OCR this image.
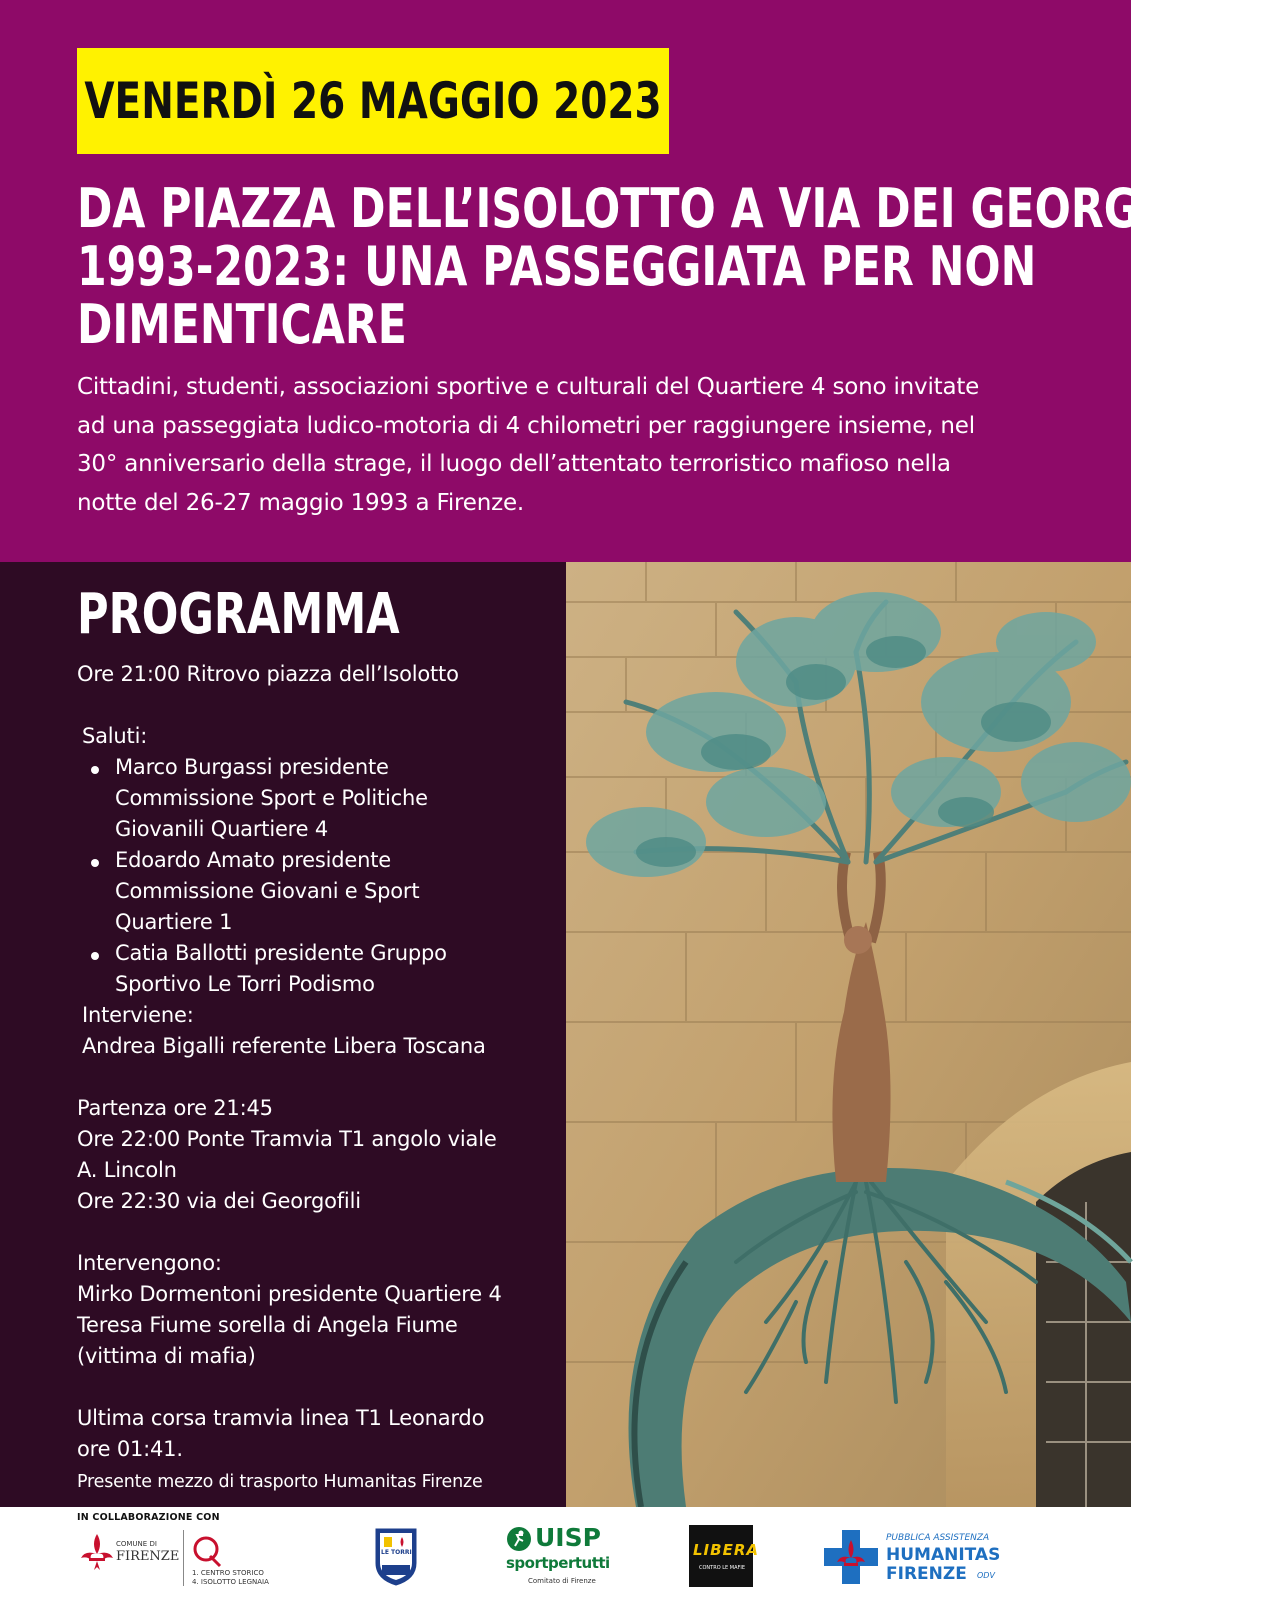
VENERDÌ 26 MAGGIO 2023
DA PIAZZA DELL’ISOLOTTO A VIA DEI GEORGOFILI.
1993-2023: UNA PASSEGGIATA PER NON
DIMENTICARE
Cittadini, studenti, associazioni sportive e culturali del Quartiere 4 sono invitate
ad una passeggiata ludico-motoria di 4 chilometri per raggiungere insieme, nel
30° anniversario della strage, il luogo dell’attentato terroristico mafioso nella
notte del 26-27 maggio 1993 a Firenze.
PROGRAMMA
Ore 21:00 Ritrovo piazza dell’Isolotto
Saluti:
Marco Burgassi presidente
Commissione Sport e Politiche
Giovanili Quartiere 4
Edoardo Amato presidente
Commissione Giovani e Sport
Quartiere 1
Catia Ballotti presidente Gruppo
Sportivo Le Torri Podismo
Interviene:
Andrea Bigalli referente Libera Toscana
Partenza ore 21:45
Ore 22:00 Ponte Tramvia T1 angolo viale
A. Lincoln
Ore 22:30 via dei Georgofili
Intervengono:
Mirko Dormentoni presidente Quartiere 4
Teresa Fiume sorella di Angela Fiume
(vittima di mafia)
Ultima corsa tramvia linea T1 Leonardo
ore 01:41.
Presente mezzo di trasporto Humanitas Firenze
IN COLLABORAZIONE CON
COMUNE DI
FIRENZE
1. CENTRO STORICO
4. ISOLOTTO LEGNAIA
LE TORRI
UISP
sportpertutti
Comitato di Firenze
LIBERA
CONTRO LE MAFIE
PUBBLICA ASSISTENZA
HUMANITAS
FIRENZE ODV
